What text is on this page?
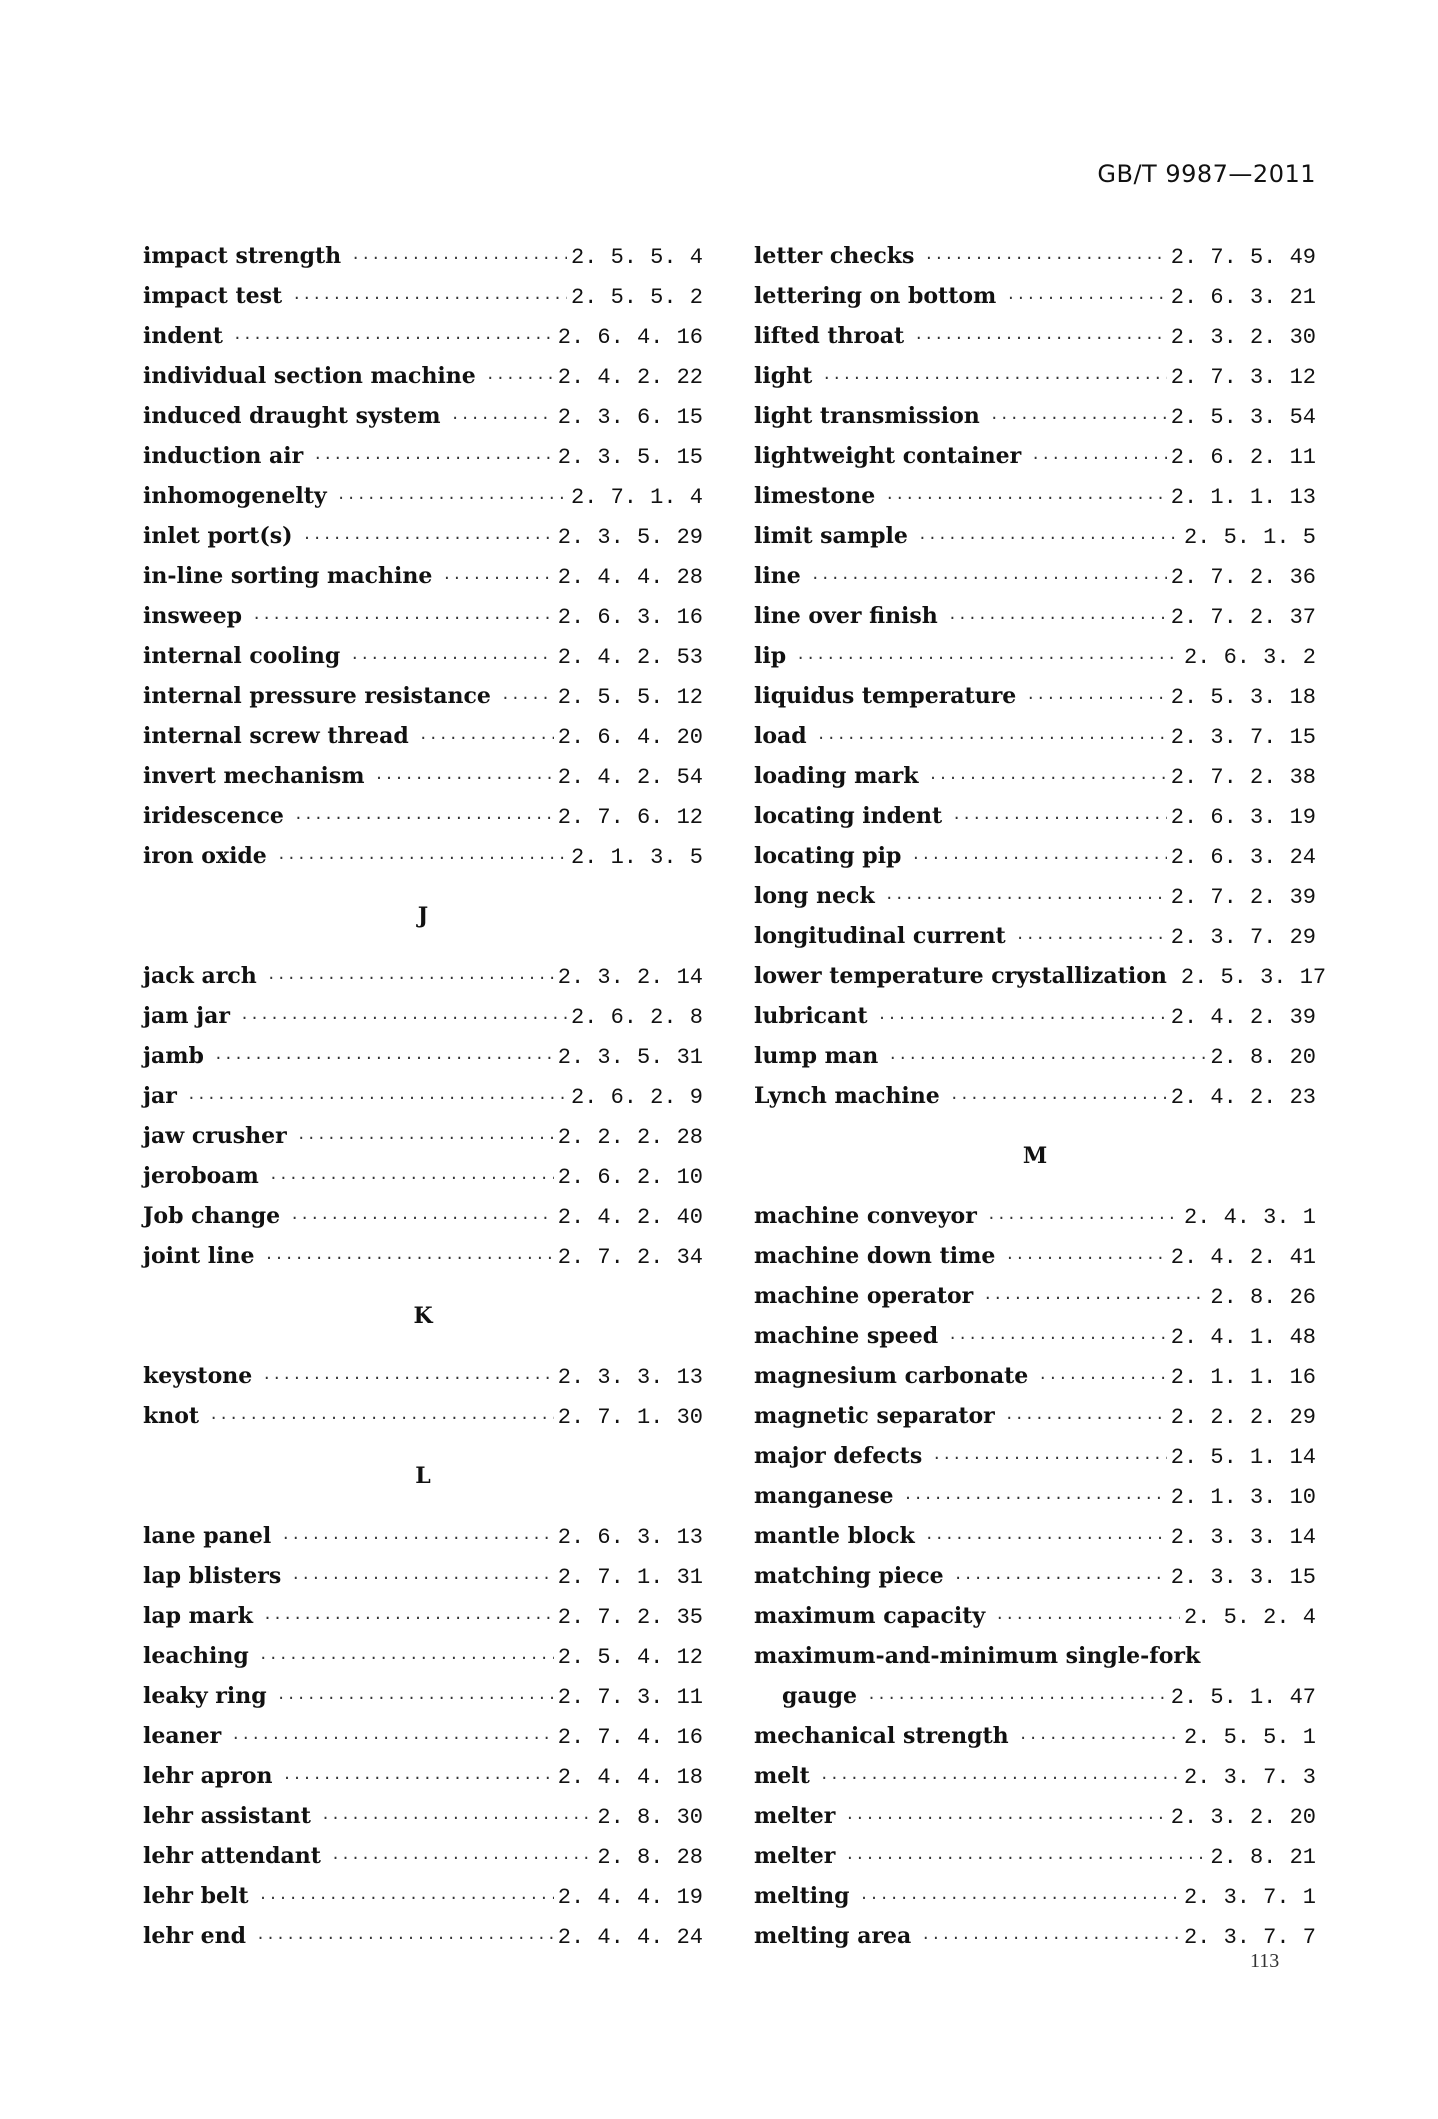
GB/T 9987—2011
impact strength ·····	2. 5. 5. 4
impact test ·····	2. 5. 5. 2
indent ·····	2. 6. 4. 16
individual section machine ·····	2. 4. 2. 22
induced draught system ·····	2. 3. 6. 15
induction air ·····	2. 3. 5. 15
inhomogenelty ·····	2. 7. 1. 4
inlet port(s) ·····	2. 3. 5. 29
in-line sorting machine ·····	2. 4. 4. 28
insweep ·····	2. 6. 3. 16
internal cooling ·····	2. 4. 2. 53
internal pressure resistance ·····	2. 5. 5. 12
internal screw thread ·····	2. 6. 4. 20
invert mechanism ·····	2. 4. 2. 54
iridescence ·····	2. 7. 6. 12
iron oxide ·····	2. 1. 3. 5
J
jack arch ·····	2. 3. 2. 14
jam jar ·····	2. 6. 2. 8
jamb ·····	2. 3. 5. 31
jar ·····	2. 6. 2. 9
jaw crusher ·····	2. 2. 2. 28
jeroboam ·····	2. 6. 2. 10
Job change ·····	2. 4. 2. 40
joint line ·····	2. 7. 2. 34
K
keystone ·····	2. 3. 3. 13
knot ·····	2. 7. 1. 30
L
lane panel ·····	2. 6. 3. 13
lap blisters ·····	2. 7. 1. 31
lap mark ·····	2. 7. 2. 35
leaching ·····	2. 5. 4. 12
leaky ring ·····	2. 7. 3. 11
leaner ·····	2. 7. 4. 16
lehr apron ·····	2. 4. 4. 18
lehr assistant ·····	2. 8. 30
lehr attendant ·····	2. 8. 28
lehr belt ·····	2. 4. 4. 19
lehr end ·····	2. 4. 4. 24
letter checks ·····	2. 7. 5. 49
lettering on bottom ·····	2. 6. 3. 21
lifted throat ·····	2. 3. 2. 30
light ·····	2. 7. 3. 12
light transmission ·····	2. 5. 3. 54
lightweight container ·····	2. 6. 2. 11
limestone ·····	2. 1. 1. 13
limit sample ·····	2. 5. 1. 5
line ·····	2. 7. 2. 36
line over finish ·····	2. 7. 2. 37
lip ·····	2. 6. 3. 2
liquidus temperature ·····	2. 5. 3. 18
load ·····	2. 3. 7. 15
loading mark ·····	2. 7. 2. 38
locating indent ·····	2. 6. 3. 19
locating pip ·····	2. 6. 3. 24
long neck ·····	2. 7. 2. 39
longitudinal current ·····	2. 3. 7. 29
lower temperature crystallization 2. 5. 3. 17
lubricant ·····	2. 4. 2. 39
lump man ·····	2. 8. 20
Lynch machine ·····	2. 4. 2. 23
M
machine conveyor ·····	2. 4. 3. 1
machine down time ·····	2. 4. 2. 41
machine operator ·····	2. 8. 26
machine speed ·····	2. 4. 1. 48
magnesium carbonate ·····	2. 1. 1. 16
magnetic separator ·····	2. 2. 2. 29
major defects ·····	2. 5. 1. 14
manganese ·····	2. 1. 3. 10
mantle block ·····	2. 3. 3. 14
matching piece ·····	2. 3. 3. 15
maximum capacity ·····	2. 5. 2. 4
maximum-and-minimum single-fork
gauge ·····	2. 5. 1. 47
mechanical strength ·····	2. 5. 5. 1
melt ·····	2. 3. 7. 3
melter ·····	2. 3. 2. 20
melter ·····	2. 8. 21
melting ·····	2. 3. 7. 1
melting area ·····	2. 3. 7. 7
113
